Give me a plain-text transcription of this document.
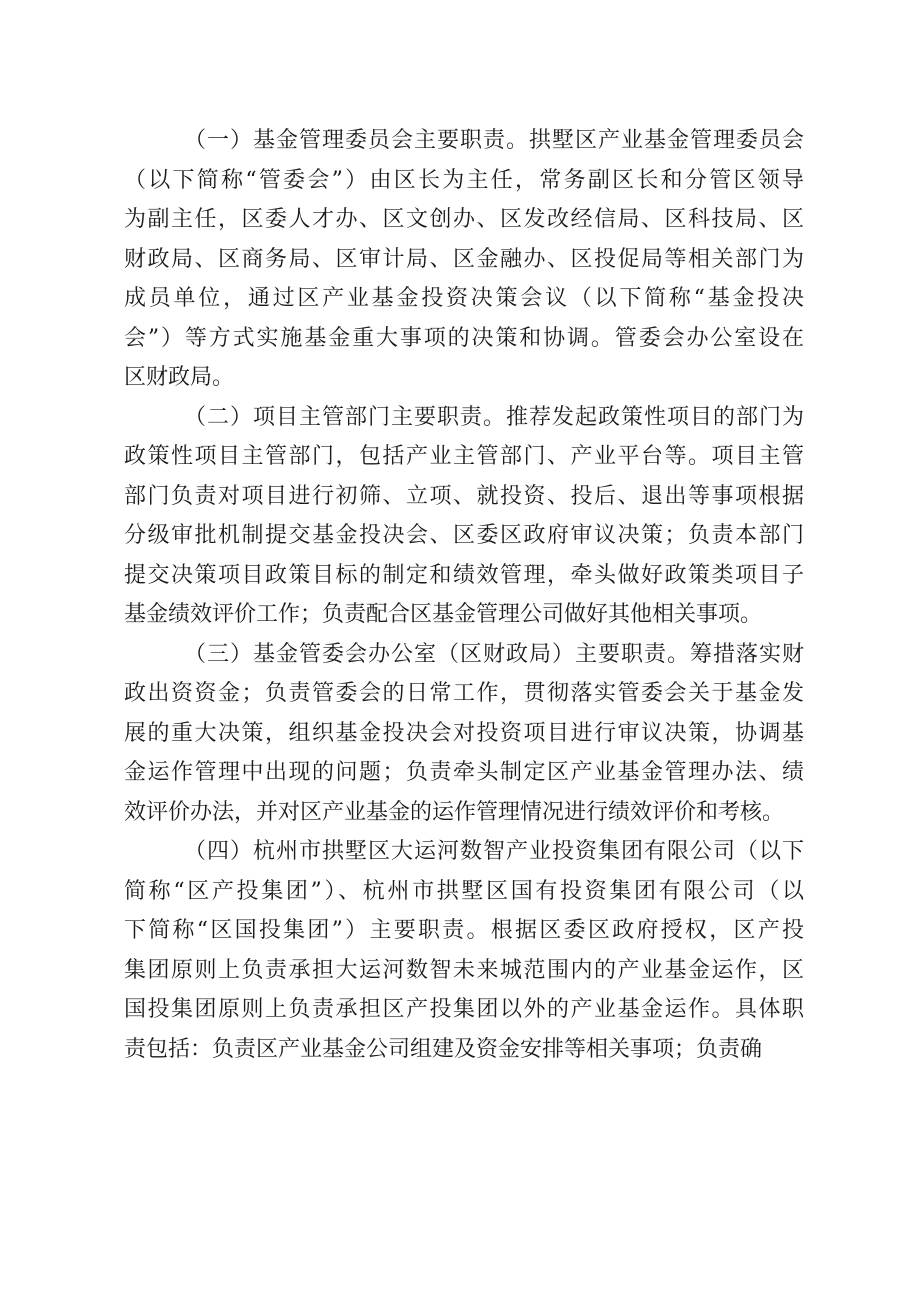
（一）基金管理委员会主要职责。拱墅区产业基金管理委员会
（以下简称“管委会”）由区长为主任，常务副区长和分管区领导
为副主任，区委人才办、区文创办、区发改经信局、区科技局、区
财政局、区商务局、区审计局、区金融办、区投促局等相关部门为
成员单位，通过区产业基金投资决策会议（以下简称“基金投决
会”）等方式实施基金重大事项的决策和协调。管委会办公室设在
区财政局。
（二）项目主管部门主要职责。推荐发起政策性项目的部门为
政策性项目主管部门，包括产业主管部门、产业平台等。项目主管
部门负责对项目进行初筛、立项、就投资、投后、退出等事项根据
分级审批机制提交基金投决会、区委区政府审议决策；负责本部门
提交决策项目政策目标的制定和绩效管理，牵头做好政策类项目子
基金绩效评价工作；负责配合区基金管理公司做好其他相关事项。
（三）基金管委会办公室（区财政局）主要职责。筹措落实财
政出资资金；负责管委会的日常工作，贯彻落实管委会关于基金发
展的重大决策，组织基金投决会对投资项目进行审议决策，协调基
金运作管理中出现的问题；负责牵头制定区产业基金管理办法、绩
效评价办法，并对区产业基金的运作管理情况进行绩效评价和考核。
（四）杭州市拱墅区大运河数智产业投资集团有限公司（以下
简称“区产投集团”）、杭州市拱墅区国有投资集团有限公司（以
下简称“区国投集团”）主要职责。根据区委区政府授权，区产投
集团原则上负责承担大运河数智未来城范围内的产业基金运作，区
国投集团原则上负责承担区产投集团以外的产业基金运作。具体职
责包括：负责区产业基金公司组建及资金安排等相关事项；负责确
